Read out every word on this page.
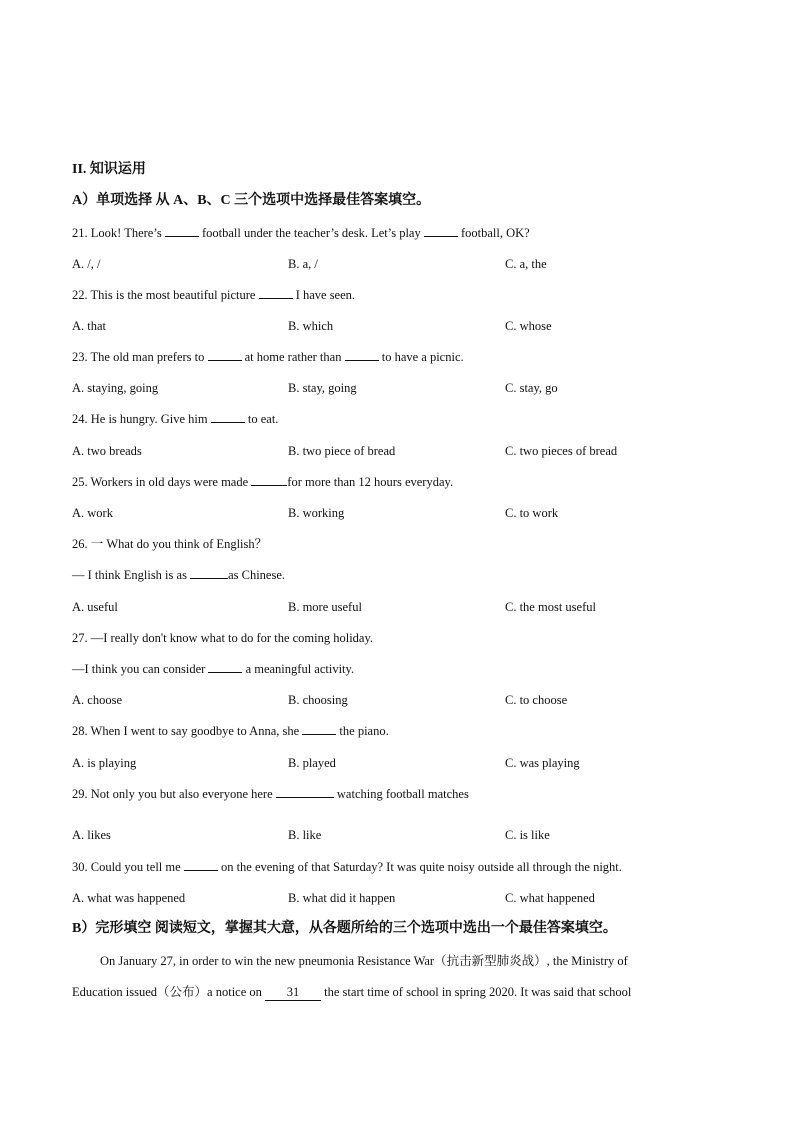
II. 知识运用
A）单项选择 从 A、B、C 三个选项中选择最佳答案填空。
21. Look! There’s	football under the teacher’s desk. Let’s play	football, OK?
A. /, /	B. a, /	C. a, the
22. This is the most beautiful picture	I have seen.
A. that	B. which	C. whose
23. The old man prefers to	at home rather than	to have a picnic.
A. staying, going	B. stay, going	C. stay, go
24. He is hungry. Give him	to eat.
A. two breads	B. two piece of bread	C. two pieces of bread
25. Workers in old days were made	for more than 12 hours everyday.
A. work	B. working	C. to work
26. 一 What do you think of English？
— I think English is as	as Chinese.
A. useful	B. more useful	C. the most useful
27. —I really don't know what to do for the coming holiday.
—I think you can consider	a meaningful activity.
A. choose	B. choosing	C. to choose
28. When I went to say goodbye to Anna, she	the piano.
A. is playing	B. played	C. was playing
29. Not only you but also everyone here	watching football matches
A. likes	B. like	C. is like
30. Could you tell me	on the evening of that Saturday? It was quite noisy outside all through the night.
A. what was happened	B. what did it happen	C. what happened
B）完形填空 阅读短文，掌握其大意，从各题所给的三个选项中选出一个最佳答案填空。
On January 27, in order to win the new pneumonia Resistance War（抗击新型肺炎战）, the Ministry of
Education issued（公布）a notice on 31 the start time of school in spring 2020. It was said that school
